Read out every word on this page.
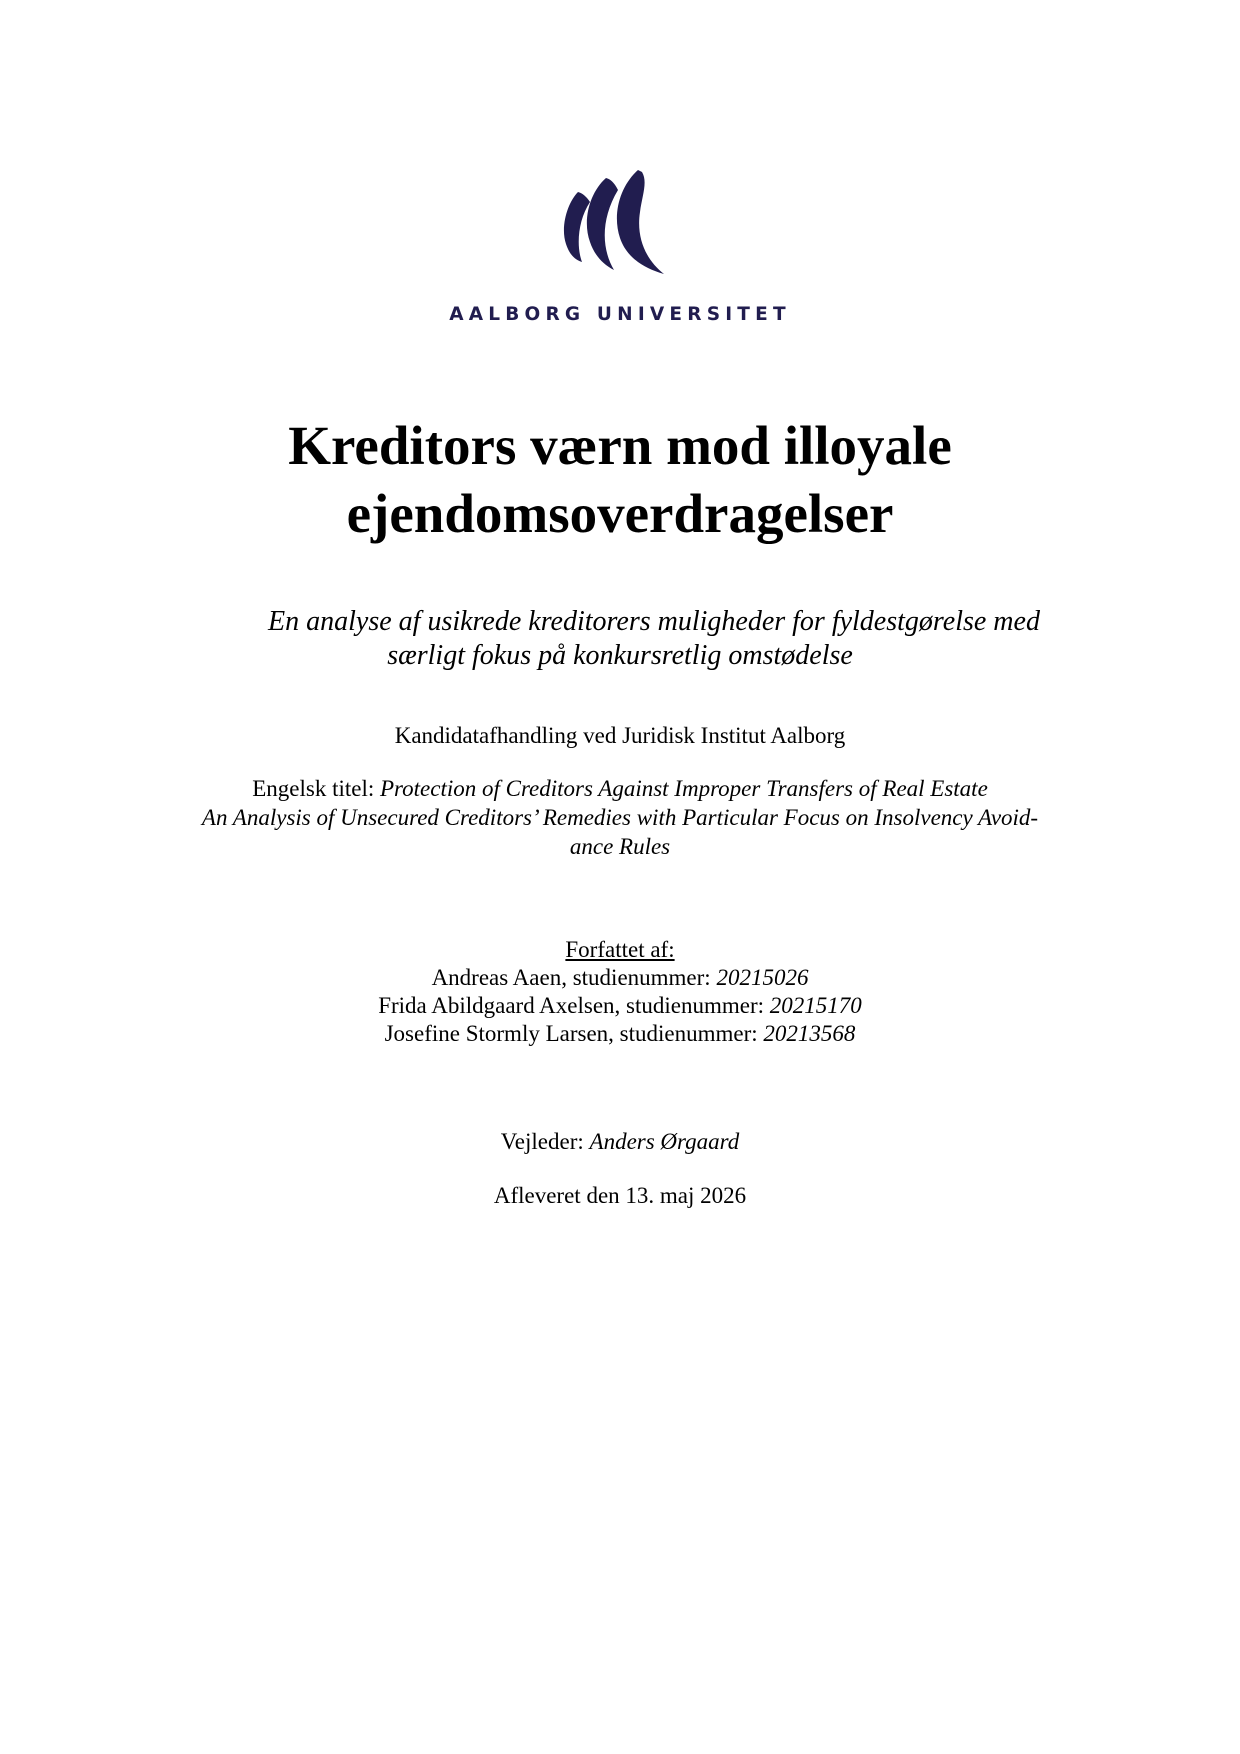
AALBORG UNIVERSITET
Kreditors værn mod illoyale
ejendomsoverdragelser
En analyse af usikrede kreditorers muligheder for fyldestgørelse med
særligt fokus på konkursretlig omstødelse
Kandidatafhandling ved Juridisk Institut Aalborg
Engelsk titel: Protection of Creditors Against Improper Transfers of Real Estate
An Analysis of Unsecured Creditors’ Remedies with Particular Focus on Insolvency Avoid-
ance Rules
Forfattet af:
Andreas Aaen, studienummer: 20215026
Frida Abildgaard Axelsen, studienummer: 20215170
Josefine Stormly Larsen, studienummer: 20213568
Vejleder: Anders Ørgaard
Afleveret den 13. maj 2026
